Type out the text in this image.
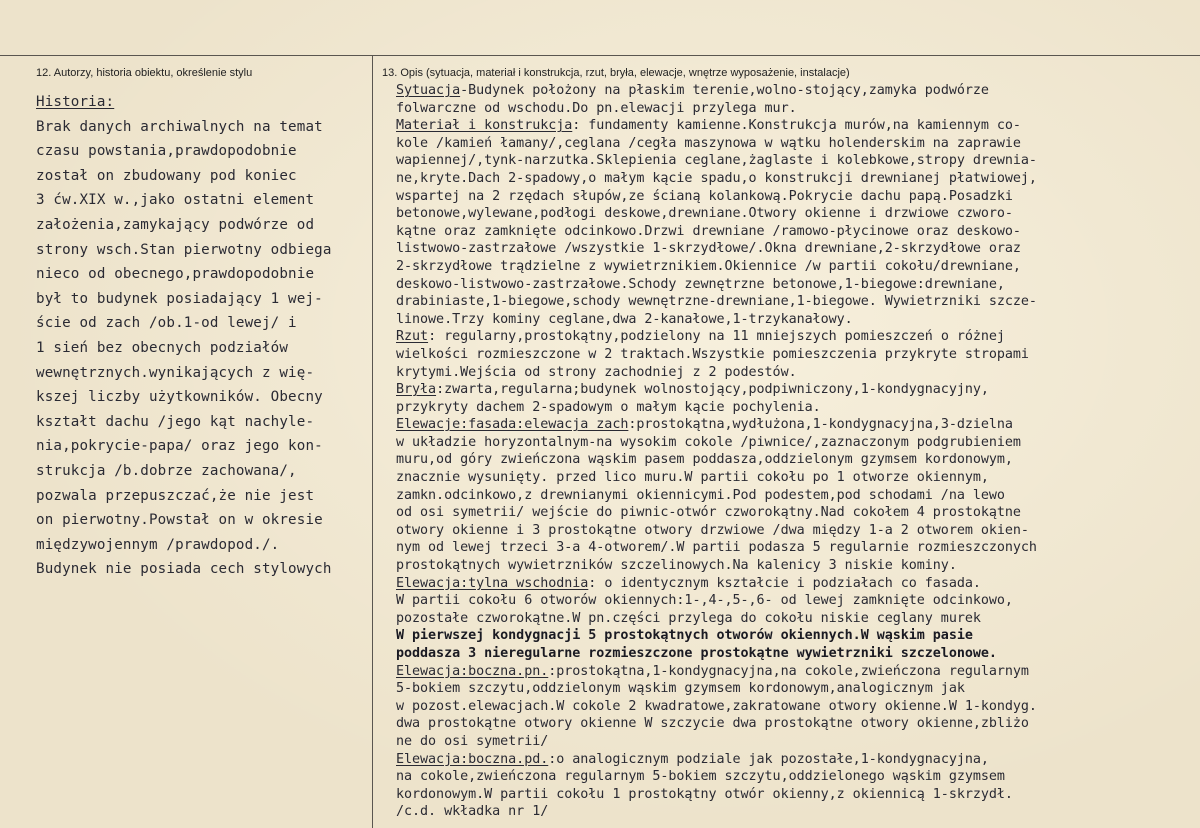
12. Autorzy, historia obiektu, określenie stylu	13. Opis (sytuacja, materiał i konstrukcja, rzut, bryła, elewacje, wnętrze wyposażenie, instalacje)
Historia:
Brak danych archiwalnych na temat
czasu powstania,prawdopodobnie
został on zbudowany pod koniec
3 ćw.XIX w.,jako ostatni element
założenia,zamykający podwórze od
strony wsch.Stan pierwotny odbiega
nieco od obecnego,prawdopodobnie
był to budynek posiadający 1 wej-
ście od zach /ob.1-od lewej/ i
1 sień bez obecnych podziałów
wewnętrznych.wynikających z wię-
kszej liczby użytkowników. Obecny
kształt dachu /jego kąt nachyle-
nia,pokrycie-papa/ oraz jego kon-
strukcja /b.dobrze zachowana/,
pozwala przepuszczać,że nie jest
on pierwotny.Powstał on w okresie
międzywojennym /prawdopod./.
Budynek nie posiada cech stylowych
Sytuacja-Budynek położony na płaskim terenie,wolno-stojący,zamyka podwórze
folwarczne od wschodu.Do pn.elewacji przylega mur.
Materiał i konstrukcja: fundamenty kamienne.Konstrukcja murów,na kamiennym co-
kole /kamień łamany/,ceglana /cegła maszynowa w wątku holenderskim na zaprawie
wapiennej/,tynk-narzutka.Sklepienia ceglane,żaglaste i kolebkowe,stropy drewnia-
ne,kryte.Dach 2-spadowy,o małym kącie spadu,o konstrukcji drewnianej płatwiowej,
wspartej na 2 rzędach słupów,ze ścianą kolankową.Pokrycie dachu papą.Posadzki
betonowe,wylewane,podłogi deskowe,drewniane.Otwory okienne i drzwiowe czworo-
kątne oraz zamknięte odcinkowo.Drzwi drewniane /ramowo-płycinowe oraz deskowo-
listwowo-zastrzałowe /wszystkie 1-skrzydłowe/.Okna drewniane,2-skrzydłowe oraz
2-skrzydłowe trądzielne z wywietrznikiem.Okiennice /w partii cokołu/drewniane,
deskowo-listwowo-zastrzałowe.Schody zewnętrzne betonowe,1-biegowe:drewniane,
drabiniaste,1-biegowe,schody wewnętrzne-drewniane,1-biegowe. Wywietrzniki szcze-
linowe.Trzy kominy ceglane,dwa 2-kanałowe,1-trzykanałowy.
Rzut: regularny,prostokątny,podzielony na 11 mniejszych pomieszczeń o różnej
wielkości rozmieszczone w 2 traktach.Wszystkie pomieszczenia przykryte stropami
krytymi.Wejścia od strony zachodniej z 2 podestów.
Bryła:zwarta,regularna;budynek wolnostojący,podpiwniczony,1-kondygnacyjny,
przykryty dachem 2-spadowym o małym kącie pochylenia.
Elewacje:fasada:elewacja zach:prostokątna,wydłużona,1-kondygnacyjna,3-dzielna
w układzie horyzontalnym-na wysokim cokole /piwnice/,zaznaczonym podgrubieniem
muru,od góry zwieńczona wąskim pasem poddasza,oddzielonym gzymsem kordonowym,
znacznie wysunięty. przed lico muru.W partii cokołu po 1 otworze okiennym,
zamkn.odcinkowo,z drewnianymi okiennicymi.Pod podestem,pod schodami /na lewo
od osi symetrii/ wejście do piwnic-otwór czworokątny.Nad cokołem 4 prostokątne
otwory okienne i 3 prostokątne otwory drzwiowe /dwa między 1-a 2 otworem okien-
nym od lewej trzeci 3-a 4-otworem/.W partii podasza 5 regularnie rozmieszczonych
prostokątnych wywietrzników szczelinowych.Na kalenicy 3 niskie kominy.
Elewacja:tylna wschodnia: o identycznym kształcie i podziałach co fasada.
W partii cokołu 6 otworów okiennych:1-,4-,5-,6- od lewej zamknięte odcinkowo,
pozostałe czworokątne.W pn.części przylega do cokołu niskie ceglany murek
W pierwszej kondygnacji 5 prostokątnych otworów okiennych.W wąskim pasie
poddasza 3 nieregularne rozmieszczone prostokątne wywietrzniki szczelonowe.
Elewacja:boczna.pn.:prostokątna,1-kondygnacyjna,na cokole,zwieńczona regularnym
5-bokiem szczytu,oddzielonym wąskim gzymsem kordonowym,analogicznym jak
w pozost.elewacjach.W cokole 2 kwadratowe,zakratowane otwory okienne.W 1-kondyg.
dwa prostokątne otwory okienne W szczycie dwa prostokątne otwory okienne,zbliżo
ne do osi symetrii/
Elewacja:boczna.pd.:o analogicznym podziale jak pozostałe,1-kondygnacyjna,
na cokole,zwieńczona regularnym 5-bokiem szczytu,oddzielonego wąskim gzymsem
kordonowym.W partii cokołu 1 prostokątny otwór okienny,z okiennicą 1-skrzydł.
/c.d. wkładka nr 1/
